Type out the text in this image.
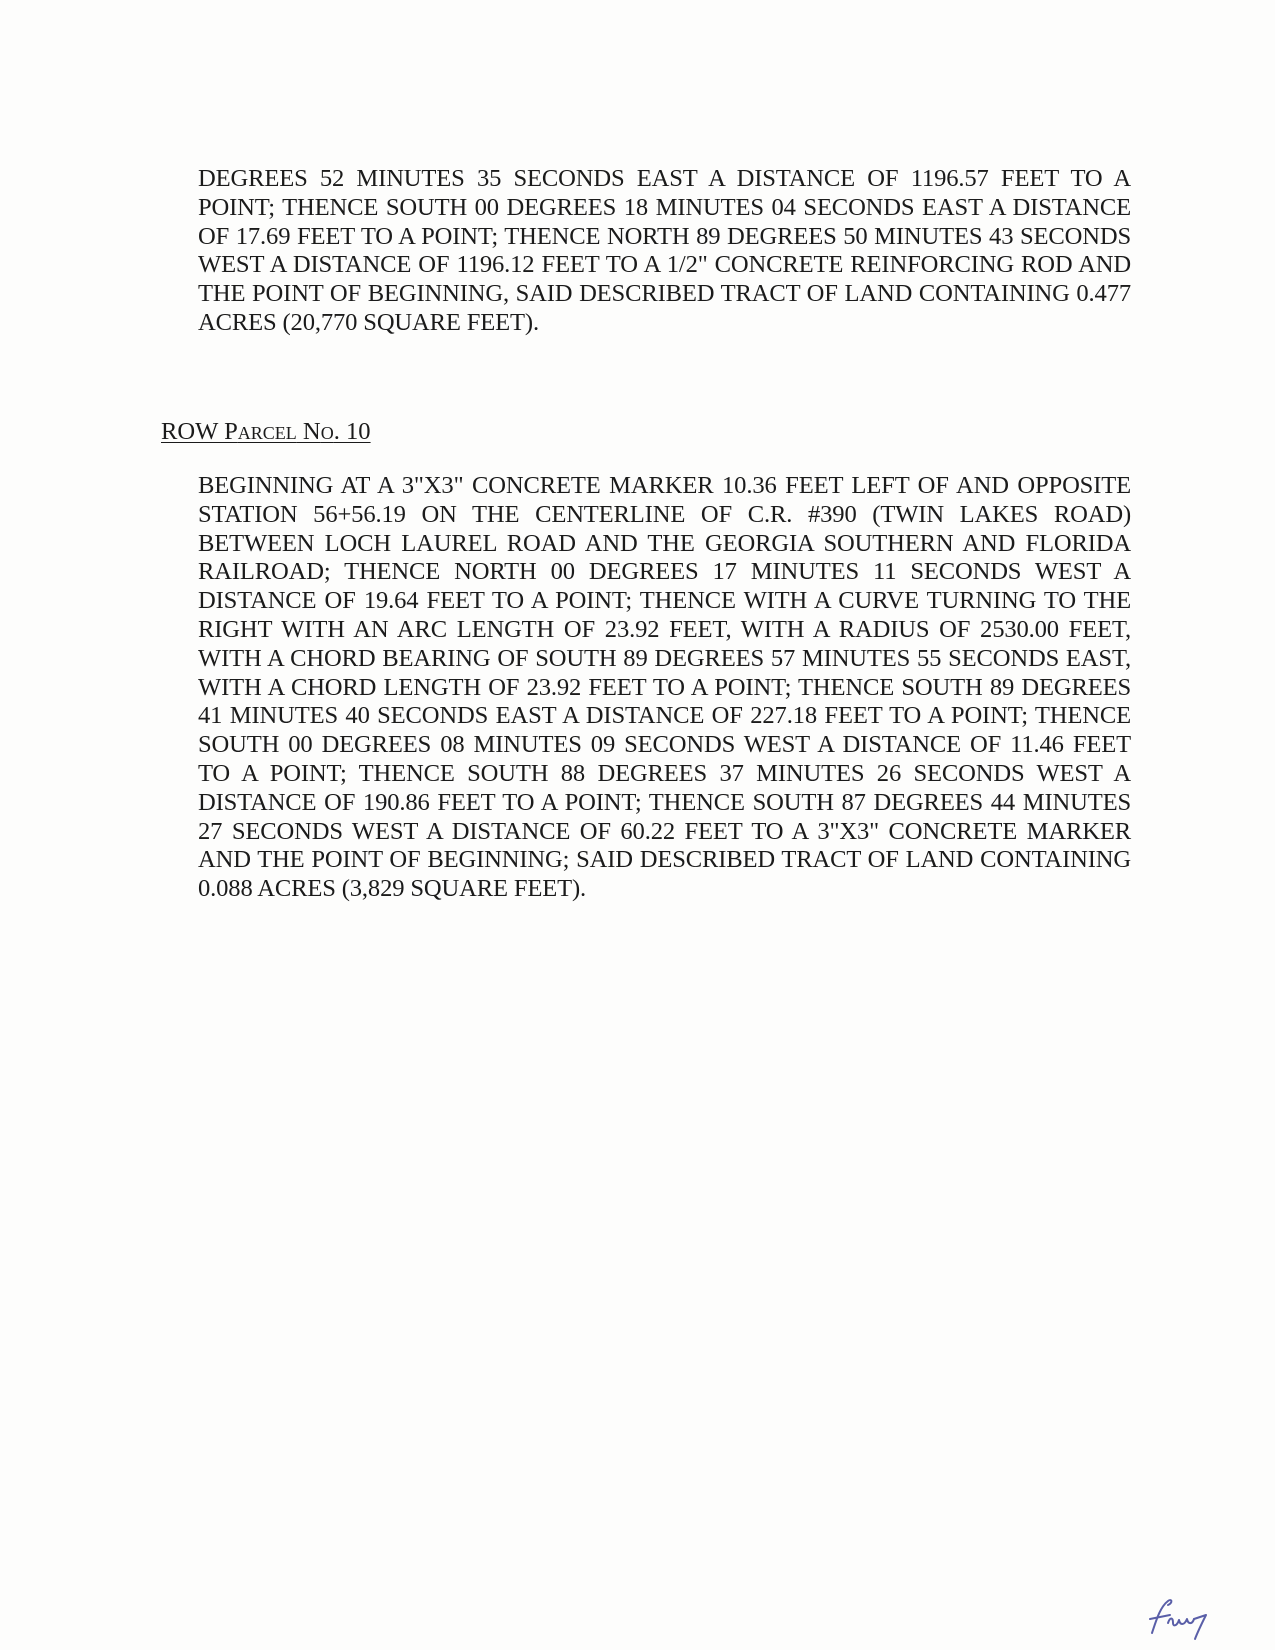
DEGREES 52 MINUTES 35 SECONDS EAST A DISTANCE OF 1196.57 FEET TO A POINT; THENCE SOUTH 00 DEGREES 18 MINUTES 04 SECONDS EAST A DISTANCE OF 17.69 FEET TO A POINT; THENCE NORTH 89 DEGREES 50 MINUTES 43 SECONDS WEST A DISTANCE OF 1196.12 FEET TO A 1/2" CONCRETE REINFORCING ROD AND THE POINT OF BEGINNING, SAID DESCRIBED TRACT OF LAND CONTAINING 0.477 ACRES (20,770 SQUARE FEET).

ROW PARCEL NO. 10

BEGINNING AT A 3"X3" CONCRETE MARKER 10.36 FEET LEFT OF AND OPPOSITE STATION 56+56.19 ON THE CENTERLINE OF C.R. #390 (TWIN LAKES ROAD) BETWEEN LOCH LAUREL ROAD AND THE GEORGIA SOUTHERN AND FLORIDA RAILROAD; THENCE NORTH 00 DEGREES 17 MINUTES 11 SECONDS WEST A DISTANCE OF 19.64 FEET TO A POINT; THENCE WITH A CURVE TURNING TO THE RIGHT WITH AN ARC LENGTH OF 23.92 FEET, WITH A RADIUS OF 2530.00 FEET, WITH A CHORD BEARING OF SOUTH 89 DEGREES 57 MINUTES 55 SECONDS EAST, WITH A CHORD LENGTH OF 23.92 FEET TO A POINT; THENCE SOUTH 89 DEGREES 41 MINUTES 40 SECONDS EAST A DISTANCE OF 227.18 FEET TO A POINT; THENCE SOUTH 00 DEGREES 08 MINUTES 09 SECONDS WEST A DISTANCE OF 11.46 FEET TO A POINT; THENCE SOUTH 88 DEGREES 37 MINUTES 26 SECONDS WEST A DISTANCE OF 190.86 FEET TO A POINT; THENCE SOUTH 87 DEGREES 44 MINUTES 27 SECONDS WEST A DISTANCE OF 60.22 FEET TO A 3"X3" CONCRETE MARKER AND THE POINT OF BEGINNING; SAID DESCRIBED TRACT OF LAND CONTAINING 0.088 ACRES (3,829 SQUARE FEET).
